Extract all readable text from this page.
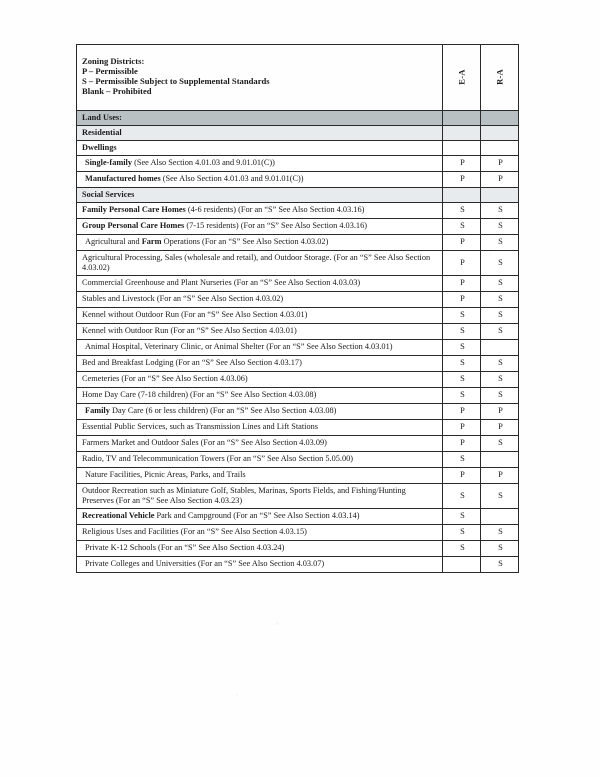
Zoning Districts:
P – Permissible
S – Permissible Subject to Supplemental Standards
Blank – Prohibited	E-A	R-A

Land Uses:		
Residential		
Dwellings		
Single-family (See Also Section 4.01.03 and 9.01.01(C))	P	P
Manufactured homes (See Also Section 4.01.03 and 9.01.01(C))	P	P
Social Services		
Family Personal Care Homes (4-6 residents) (For an “S” See Also Section 4.03.16)	S	S
Group Personal Care Homes (7-15 residents) (For an “S” See Also Section 4.03.16)	S	S
Agricultural and Farm Operations (For an “S” See Also Section 4.03.02)	P	S
Agricultural Processing, Sales (wholesale and retail), and Outdoor Storage. (For an “S” See Also Section 4.03.02)	P	S
Commercial Greenhouse and Plant Nurseries (For an “S” See Also Section 4.03.03)	P	S
Stables and Livestock (For an “S” See Also Section 4.03.02)	P	S
Kennel without Outdoor Run (For an “S” See Also Section 4.03.01)	S	S
Kennel with Outdoor Run (For an “S” See Also Section 4.03.01)	S	S
Animal Hospital, Veterinary Clinic, or Animal Shelter (For an “S” See Also Section 4.03.01)	S	
Bed and Breakfast Lodging (For an “S” See Also Section 4.03.17)	S	S
Cemeteries (For an “S” See Also Section 4.03.06)	S	S
Home Day Care (7-18 children) (For an “S” See Also Section 4.03.08)	S	S
Family Day Care (6 or less children) (For an “S” See Also Section 4.03.08)	P	P
Essential Public Services, such as Transmission Lines and Lift Stations	P	P
Farmers Market and Outdoor Sales (For an “S” See Also Section 4.03.09)	P	S
Radio, TV and Telecommunication Towers (For an “S” See Also Section 5.05.00)	S	
Nature Facilities, Picnic Areas, Parks, and Trails	P	P
Outdoor Recreation such as Miniature Golf, Stables, Marinas, Sports Fields, and Fishing/Hunting Preserves (For an “S” See Also Section 4.03.23)	S	S
Recreational Vehicle Park and Campground (For an “S” See Also Section 4.03.14)	S	
Religious Uses and Facilities (For an “S” See Also Section 4.03.15)	S	S
Private K-12 Schools (For an “S” See Also Section 4.03.24)	S	S
Private Colleges and Universities (For an “S” See Also Section 4.03.07)		S
